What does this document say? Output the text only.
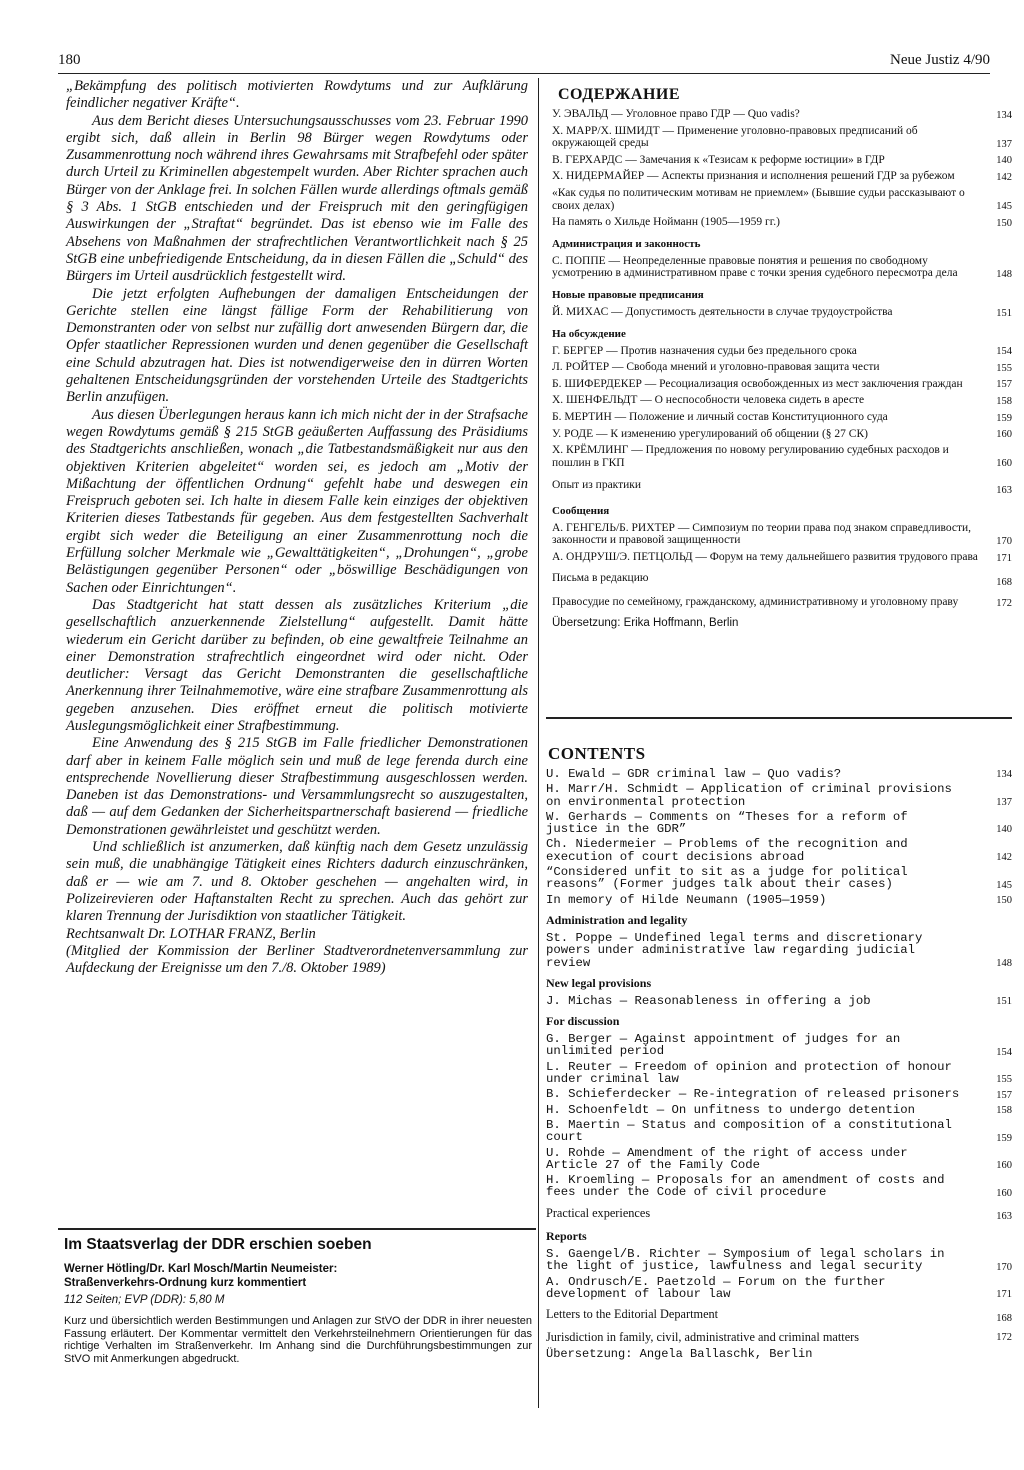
180	Neue Justiz 4/90

„Bekämpfung des politisch motivierten Rowdytums und zur Aufklärung feindlicher negativer Kräfte“.

Aus dem Bericht dieses Untersuchungsausschusses vom 23. Februar 1990 ergibt sich, daß allein in Berlin 98 Bürger wegen Rowdytums oder Zusammenrottung noch während ihres Gewahrsams mit Strafbefehl oder später durch Urteil zu Kriminellen abgestempelt wurden. Aber Richter sprachen auch Bürger von der Anklage frei. In solchen Fällen wurde allerdings oftmals gemäß § 3 Abs. 1 StGB entschieden und der Freispruch mit den geringfügigen Auswirkungen der „Straftat“ begründet. Das ist ebenso wie im Falle des Absehens von Maßnahmen der strafrechtlichen Verantwortlichkeit nach § 25 StGB eine unbefriedigende Entscheidung, da in diesen Fällen die „Schuld“ des Bürgers im Urteil ausdrücklich festgestellt wird.

Die jetzt erfolgten Aufhebungen der damaligen Entscheidungen der Gerichte stellen eine längst fällige Form der Rehabilitierung von Demonstranten oder von selbst nur zufällig dort anwesenden Bürgern dar, die Opfer staatlicher Repressionen wurden und denen gegenüber die Gesellschaft eine Schuld abzutragen hat. Dies ist notwendigerweise den in dürren Worten gehaltenen Entscheidungsgründen der vorstehenden Urteile des Stadtgerichts Berlin anzufügen.

Aus diesen Überlegungen heraus kann ich mich nicht der in der Strafsache wegen Rowdytums gemäß § 215 StGB geäußerten Auffassung des Präsidiums des Stadtgerichts anschließen, wonach „die Tatbestandsmäßigkeit nur aus den objektiven Kriterien abgeleitet“ worden sei, es jedoch am „Motiv der Mißachtung der öffentlichen Ordnung“ gefehlt habe und deswegen ein Freispruch geboten sei. Ich halte in diesem Falle kein einziges der objektiven Kriterien dieses Tatbestands für gegeben. Aus dem festgestellten Sachverhalt ergibt sich weder die Beteiligung an einer Zusammenrottung noch die Erfüllung solcher Merkmale wie „Gewalttätigkeiten“, „Drohungen“, „grobe Belästigungen gegenüber Personen“ oder „böswillige Beschädigungen von Sachen oder Einrichtungen“.

Das Stadtgericht hat statt dessen als zusätzliches Kriterium „die gesellschaftlich anzuerkennende Zielstellung“ aufgestellt. Damit hätte wiederum ein Gericht darüber zu befinden, ob eine gewaltfreie Teilnahme an einer Demonstration strafrechtlich eingeordnet wird oder nicht. Oder deutlicher: Versagt das Gericht Demonstranten die gesellschaftliche Anerkennung ihrer Teilnahmemotive, wäre eine strafbare Zusammenrottung als gegeben anzusehen. Dies eröffnet erneut die politisch motivierte Auslegungsmöglichkeit einer Strafbestimmung.

Eine Anwendung des § 215 StGB im Falle friedlicher Demonstrationen darf aber in keinem Falle möglich sein und muß de lege ferenda durch eine entsprechende Novellierung dieser Strafbestimmung ausgeschlossen werden. Daneben ist das Demonstrations- und Versammlungsrecht so auszugestalten, daß — auf dem Gedanken der Sicherheitspartnerschaft basierend — friedliche Demonstrationen gewährleistet und geschützt werden.

Und schließlich ist anzumerken, daß künftig nach dem Gesetz unzulässig sein muß, die unabhängige Tätigkeit eines Richters dadurch einzuschränken, daß er — wie am 7. und 8. Oktober geschehen — angehalten wird, in Polizeirevieren oder Haftanstalten Recht zu sprechen. Auch das gehört zur klaren Trennung der Jurisdiktion von staatlicher Tätigkeit.

Rechtsanwalt Dr. LOTHAR FRANZ, Berlin

(Mitglied der Kommission der Berliner Stadtverordnetenversammlung zur Aufdeckung der Ereignisse um den 7./8. Oktober 1989)

Im Staatsverlag der DDR erschien soeben
Werner Hötling/Dr. Karl Mosch/Martin Neumeister:
Straßenverkehrs-Ordnung kurz kommentiert
112 Seiten; EVP (DDR): 5,80 M
Kurz und übersichtlich werden Bestimmungen und Anlagen zur StVO der DDR in ihrer neuesten Fassung erläutert. Der Kommentar vermittelt den Verkehrsteilnehmern Orientierungen für das richtige Verhalten im Straßenverkehr. Im Anhang sind die Durchführungsbestimmungen zur StVO mit Anmerkungen abgedruckt.
СОДЕРЖАНИЕ
У. ЭВАЛЬД — Уголовное право ГДР — Quo vadis?	134
Х. МАРР/Х. ШМИДТ — Применение уголовно-правовых предписаний об окружающей среды	137
В. ГЕРХАРДС — Замечания к «Тезисам к реформе юстиции» в ГДР	140
Х. НИДЕРМАЙЕР — Аспекты признания и исполнения решений ГДР за рубежом	142
«Как судья по политическим мотивам не приемлем» (Бывшие судьи рассказывают о своих делах)	145
На память о Хильде Нойманн (1905—1959 гг.)	150
Администрация и законность
С. ПОППЕ — Неопределенные правовые понятия и решения по свободному усмотрению в административном праве с точки зрения судебного пересмотра дела	148
Новые правовые предписания
Й. МИХАС — Допустимость деятельности в случае трудоустройства	151
На обсуждение
Г. БЕРГЕР — Против назначения судьи без предельного срока	154
Л. РОЙТЕР — Свобода мнений и уголовно-правовая защита чести	155
Б. ШИФЕРДЕКЕР — Ресоциализация освобожденных из мест заключения граждан	157
Х. ШЕНФЕЛЬДТ — О неспособности человека сидеть в аресте	158
Б. МЕРТИН — Положение и личный состав Конституционного суда	159
У. РОДЕ — К изменению урегулирований об общении (§ 27 СК)	160
Х. КРЁМЛИНГ — Предложения по новому регулированию судебных расходов и пошлин в ГКП	160
Опыт из практики	163
Сообщения
А. ГЕНГЕЛЬ/Б. РИХТЕР — Симпозиум по теории права под знаком справедливости, законности и правовой защищенности	170
А. ОНДРУШ/Э. ПЕТЦОЛЬД — Форум на тему дальнейшего развития трудового права	171
Письма в редакцию	168
Правосудие по семейному, гражданскому, административному и уголовному праву	172
Übersetzung: Erika Hoffmann, Berlin
CONTENTS
U. Ewald — GDR criminal law — Quo vadis?	134
H. Marr/H. Schmidt — Application of criminal provisions on environmental protection	137
W. Gerhards — Comments on “Theses for a reform of justice in the GDR”	140
Ch. Niedermeier — Problems of the recognition and execution of court decisions abroad	142
“Considered unfit to sit as a judge for political reasons” (Former judges talk about their cases)	145
In memory of Hilde Neumann (1905—1959)	150
Administration and legality
St. Poppe — Undefined legal terms and discretionary powers under administrative law regarding judicial review	148
New legal provisions
J. Michas — Reasonableness in offering a job	151
For discussion
G. Berger — Against appointment of judges for an unlimited period	154
L. Reuter — Freedom of opinion and protection of honour under criminal law	155
B. Schieferdecker — Re-integration of released prisoners	157
H. Schoenfeldt — On unfitness to undergo detention	158
B. Maertin — Status and composition of a constitutional court	159
U. Rohde — Amendment of the right of access under Article 27 of the Family Code	160
H. Kroemling — Proposals for an amendment of costs and fees under the Code of civil procedure	160
Practical experiences	163
Reports
S. Gaengel/B. Richter — Symposium of legal scholars in the light of justice, lawfulness and legal security	170
A. Ondrusch/E. Paetzold — Forum on the further development of labour law	171
Letters to the Editorial Department	168
Jurisdiction in family, civil, administrative and criminal matters	172
Übersetzung: Angela Ballaschk, Berlin
